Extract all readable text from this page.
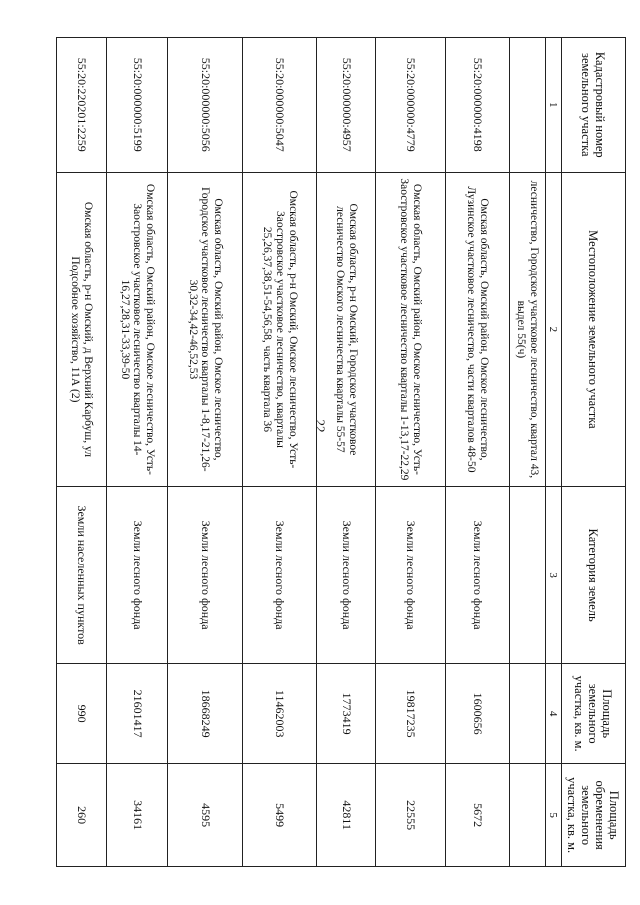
22
Кадастровый номер земельного участка	Местоположение земельного участка	Категория земель	Площадь земельного участка, кв. м.	Площадь обременения земельного участка, кв. м.
1	2	3	4	5
	лесничество, Городское участковое лесничество, квартал 43, выдел 55(ч)			
55:20:000000:4198	Омская область, Омский район, Омское лесничество, Лузинское участковое лесничество, части кварталов 48-50	Земли лесного фонда	1600656	5672
55:20:000000:4779	Омская область, Омский район, Омское лесничество, Усть-Заостровское участковое лесничество кварталы 1-13,17-22,29	Земли лесного фонда	19817235	22555
55:20:000000:4957	Омская область, р-н Омский, Городское участковое лесничество Омского лесничества кварталы 55-57	Земли лесного фонда	1773419	42811
55:20:000000:5047	Омская область, р-н Омский, Омское лесничество, Усть-Заостровское участковое лесничество, кварталы 25,26,37,38,51-54,56,58, часть квартала 36	Земли лесного фонда	11462003	5499
55:20:000000:5056	Омская область, Омский район, Омское лесничество, Городское участковое лесничество кварталы 1-8,17-21,26-30,32-34,42-46,52,53	Земли лесного фонда	18668249	4595
55:20:000000:5199	Омская область, Омский район, Омское лесничество, Усть-Заостровское участковое лесничество кварталы 14-16,27,28,31-33,39-50	Земли лесного фонда	21601417	34161
55:20:220201:2259	Омская область, р-н Омский, д Верхний Карбуш, ул Подсобное хозяйство, 11А (2)	Земли населенных пунктов	990	260
